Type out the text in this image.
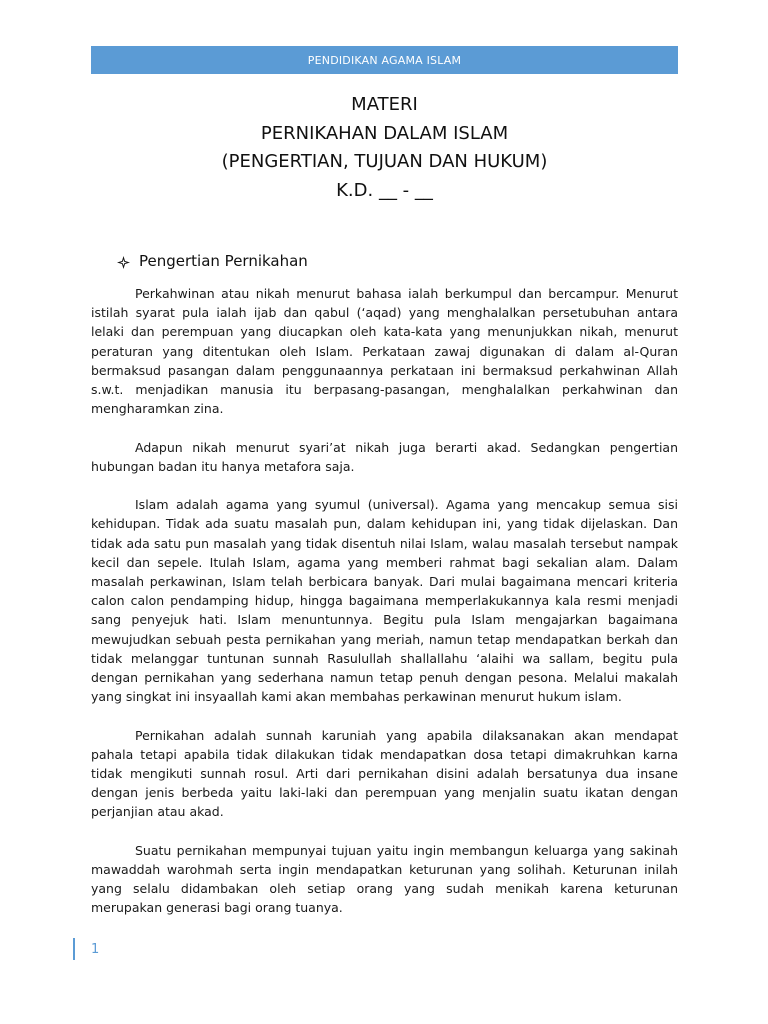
PENDIDIKAN AGAMA ISLAM
MATERI
PERNIKAHAN DALAM ISLAM
(PENGERTIAN, TUJUAN DAN HUKUM)
K.D. __ - __
Pengertian Pernikahan

Perkahwinan atau nikah menurut bahasa ialah berkumpul dan bercampur. Menurut istilah syarat pula ialah ijab dan qabul (‘aqad) yang menghalalkan persetubuhan antara lelaki dan perempuan yang diucapkan oleh kata-kata yang menunjukkan nikah, menurut peraturan yang ditentukan oleh Islam. Perkataan zawaj digunakan di dalam al-Quran bermaksud pasangan dalam penggunaannya perkataan ini bermaksud perkahwinan Allah s.w.t. menjadikan manusia itu berpasang-pasangan, menghalalkan perkahwinan dan mengharamkan zina.

Adapun nikah menurut syari’at nikah juga berarti akad. Sedangkan pengertian hubungan badan itu hanya metafora saja.

Islam adalah agama yang syumul (universal). Agama yang mencakup semua sisi kehidupan. Tidak ada suatu masalah pun, dalam kehidupan ini, yang tidak dijelaskan. Dan tidak ada satu pun masalah yang tidak disentuh nilai Islam, walau masalah tersebut nampak kecil dan sepele. Itulah Islam, agama yang memberi rahmat bagi sekalian alam. Dalam masalah perkawinan, Islam telah berbicara banyak. Dari mulai bagaimana mencari kriteria calon calon pendamping hidup, hingga bagaimana memperlakukannya kala resmi menjadi sang penyejuk hati. Islam menuntunnya. Begitu pula Islam mengajarkan bagaimana mewujudkan sebuah pesta pernikahan yang meriah, namun tetap mendapatkan berkah dan tidak melanggar tuntunan sunnah Rasulullah shallallahu ‘alaihi wa sallam, begitu pula dengan pernikahan yang sederhana namun tetap penuh dengan pesona. Melalui makalah yang singkat ini insyaallah kami akan membahas perkawinan menurut hukum islam.

Pernikahan adalah sunnah karuniah yang apabila dilaksanakan akan mendapat pahala tetapi apabila tidak dilakukan tidak mendapatkan dosa tetapi dimakruhkan karna tidak mengikuti sunnah rosul. Arti dari pernikahan disini adalah bersatunya dua insane dengan jenis berbeda yaitu laki-laki dan perempuan yang menjalin suatu ikatan dengan perjanjian atau akad.

Suatu pernikahan mempunyai tujuan yaitu ingin membangun keluarga yang sakinah mawaddah warohmah serta ingin mendapatkan keturunan yang solihah. Keturunan inilah yang selalu didambakan oleh setiap orang yang sudah menikah karena keturunan merupakan generasi bagi orang tuanya.

1
